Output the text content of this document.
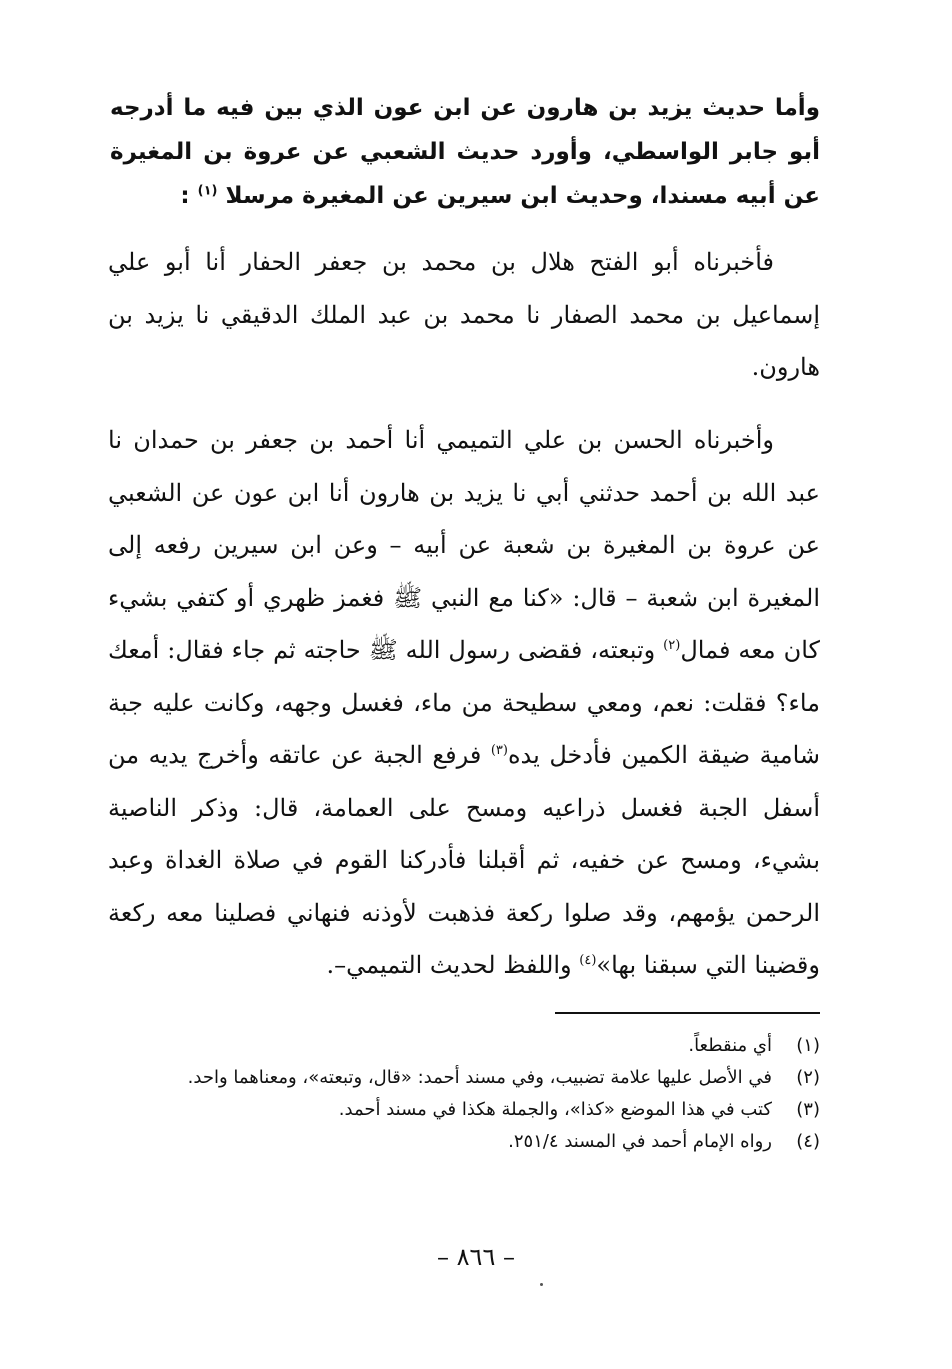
وأما حديث يزيد بن هارون عن ابن عون الذي بين فيه ما أدرجه أبو جابر الواسطي، وأورد حديث الشعبي عن عروة بن المغيرة عن أبيه مسندا، وحديث ابن سيرين عن المغيرة مرسلا $^{(١)}$ :

فأخبرناه أبو الفتح هلال بن محمد بن جعفر الحفار أنا أبو علي إسماعيل بن محمد الصفار نا محمد بن عبد الملك الدقيقي نا يزيد بن هارون.

وأخبرناه الحسن بن علي التميمي أنا أحمد بن جعفر بن حمدان نا عبد الله بن أحمد حدثني أبي نا يزيد بن هارون أنا ابن عون عن الشعبي عن عروة بن المغيرة بن شعبة عن أبيه – وعن ابن سيرين رفعه إلى المغيرة ابن شعبة – قال: «كنا مع النبي ﷺ فغمز ظهري أو كتفي بشيء كان معه فمال$^{(٢)}$ وتبعته، فقضى رسول الله ﷺ حاجته ثم جاء فقال: أمعك ماء؟ فقلت: نعم، ومعي سطيحة من ماء، فغسل وجهه، وكانت عليه جبة شامية ضيقة الكمين فأدخل يده$^{(٣)}$ فرفع الجبة عن عاتقه وأخرج يديه من أسفل الجبة فغسل ذراعيه ومسح على العمامة، قال: وذكر الناصية بشيء، ومسح عن خفيه، ثم أقبلنا فأدركنا القوم في صلاة الغداة وعبد الرحمن يؤمهم، وقد صلوا ركعة فذهبت لأوذنه فنهاني فصلينا معه ركعة وقضينا التي سبقنا بها»$^{(٤)}$ واللفظ لحديث التميمي–.

(١)
أي منقطعاً.
(٢)
في الأصل عليها علامة تضبيب، وفي مسند أحمد: «قال، وتبعته»، ومعناهما واحد.
(٣)
كتب في هذا الموضع «كذا»، والجملة هكذا في مسند أحمد.
(٤)
رواه الإمام أحمد في المسند ٢٥١/٤.
– ٨٦٦ –
